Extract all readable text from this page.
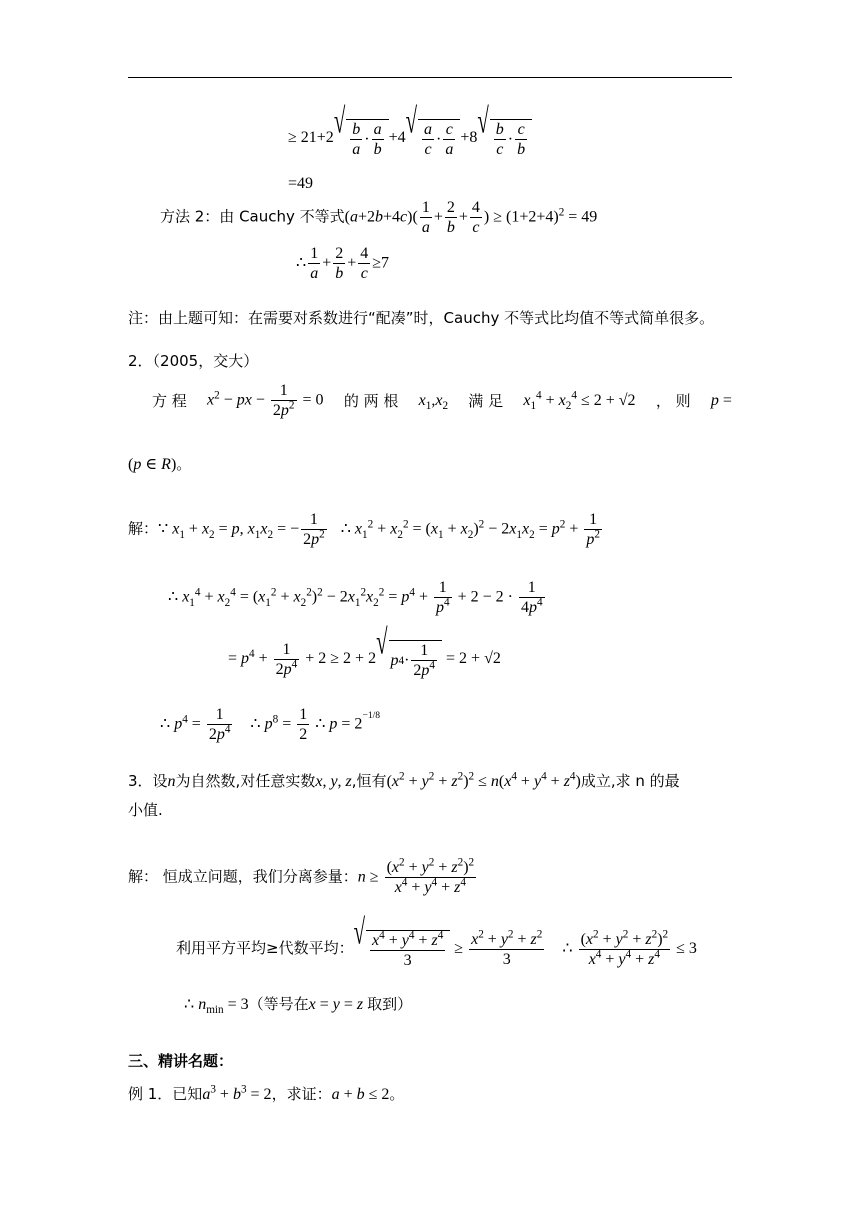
≥ 21+2 √ $\frac{b}{a} \cdot \frac{a}{b} +4$ √ $\frac{a}{c} \cdot \frac{c}{a} +8$ √ $\frac{b}{c} \cdot \frac{c}{b}$
=49
方法 2：由 Cauchy 不等式$(a+2b+4c)( \frac{1}{a} + \frac{2}{b} + \frac{4}{c}$ ) ≥ $(1+2+4)^2 = 49$
∴ $\frac{1}{a} + \frac{2}{b} + \frac{4}{c} \ge 7$
注：由上题可知：在需要对系数进行“配凑”时，Cauchy 不等式比均值不等式简单很多。
2．（2005，交大）
方 程 $x^2$ − px − $\frac{1}{2p^2} = 0$ 的 两 根 $x_1,x_2$ 满 足 $x_1^4 + x_2^4 \le 2 + √2$ ， 则 p =
(p ∈ R)。
解：∵ $x_1 + x_2 = p$, $x_1x_2$ = − $\frac{1}{2p^2}$ ∴ $x_1^2 + x_2^2 = (x_1 + x_2)^2 - 2x_1x_2 = p^2 + \frac{1}{p^2}$
∴ $x_1^4 + x_2^4 = (x_1^2 + x_2^2)^2 - 2x_1^2x_2^2 = p^4 + \frac{1}{p^4} + 2 - 2 \cdot \frac{1}{4p^4}$
= $p^4 + \frac{1}{2p^4} + 2 \ge 2 + 2$ √ p $4 \cdot \frac{1}{2p^4} = 2 + √2$
∴ $p^4 = \frac{1}{2p^4}$ ∴ $p^8 = \frac{1}{2}$ ∴ $p = 2^{-1/8}$
3．设n为自然数,对任意实数x, y, z,恒有$(x^2 + y^2 + z^2)^2 \le n(x^4 + y^4 + z^4)$成立,求 n 的最
小值.
解： 恒成立问题，我们分离参量：$n \ge \frac{(x^2 + y^2 + z^2)^2}{x^4 + y^4 + z^4}$
利用平方平均≥代数平均： √ $\frac{x^4 + y^4 + z^4}{3} \ge \frac{x^2 + y^2 + z^2}{3}$ ∴ $\frac{(x^2 + y^2 + z^2)^2}{x^4 + y^4 + z^4} \le 3$
∴ $n_{min} = 3$（等号在x = y = z 取到）
三、精讲名题：
例 1．已知$a^3 + b^3 = 2$，求证：a + b ≤ 2。
